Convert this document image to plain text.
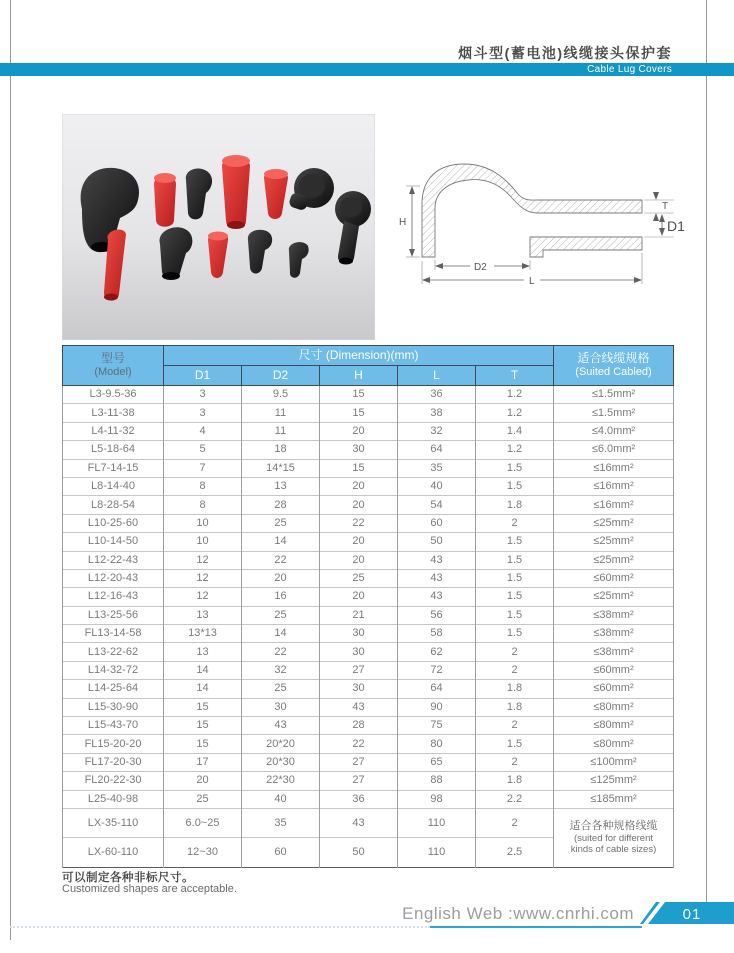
烟斗型(蓄电池)线缆接头保护套
Cable Lug Covers
H
D2
L
T
D1
型号
(Model)	尺寸 (Dimension)(mm)					适合线缆规格
(Suited Cabled)

	D1	D2	H	L	T	
L3-9.5-36	3	9.5	15	36	1.2	≤1.5mm²
L3-11-38	3	11	15	38	1.2	≤1.5mm²
L4-11-32	4	11	20	32	1.4	≤4.0mm²
L5-18-64	5	18	30	64	1.2	≤6.0mm²
FL7-14-15	7	14*15	15	35	1.5	≤16mm²
L8-14-40	8	13	20	40	1.5	≤16mm²
L8-28-54	8	28	20	54	1.8	≤16mm²
L10-25-60	10	25	22	60	2	≤25mm²
L10-14-50	10	14	20	50	1.5	≤25mm²
L12-22-43	12	22	20	43	1.5	≤25mm²
L12-20-43	12	20	25	43	1.5	≤60mm²
L12-16-43	12	16	20	43	1.5	≤25mm²
L13-25-56	13	25	21	56	1.5	≤38mm²
FL13-14-58	13*13	14	30	58	1.5	≤38mm²
L13-22-62	13	22	30	62	2	≤38mm²
L14-32-72	14	32	27	72	2	≤60mm²
L14-25-64	14	25	30	64	1.8	≤60mm²
L15-30-90	15	30	43	90	1.8	≤80mm²
L15-43-70	15	43	28	75	2	≤80mm²
FL15-20-20	15	20*20	22	80	1.5	≤80mm²
FL17-20-30	17	20*30	27	65	2	≤100mm²
FL20-22-30	20	22*30	27	88	1.8	≤125mm²
L25-40-98	25	40	36	98	2.2	≤185mm²
LX-35-110	6.0~25	35	43	110	2	适合各种规格线缆
(suited for different
kinds of cable sizes)

LX-60-110	12~30	60	50	110	2.5	
可以制定各种非标尺寸。
Customized shapes are acceptable.
English Web :www.cnrhi.com	01
